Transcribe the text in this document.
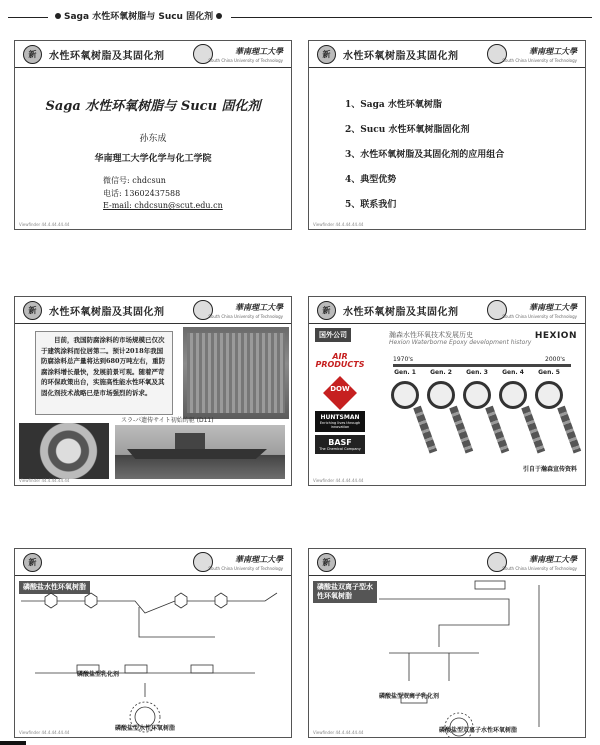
Saga 水性环氧树脂与 Sucu 固化剂
新	水性环氧树脂及其固化剂	華南理工大學
South China University of Technology
Saga 水性环氧树脂与 Sucu 固化剂
孙东成
华南理工大学化学与化工学院
微信号: chdcsun
电话: 13602437588
E-mail: chdcsun@scut.edu.cn
Viewfinder 44.4.44.44.44
新	水性环氧树脂及其固化剂	華南理工大學
South China University of Technology
1、Saga 水性环氧树脂
2、Sucu 水性环氧树脂固化剂
3、水性环氧树脂及其固化剂的应用组合
4、典型优势
5、联系我们
Viewfinder 44.4.44.44.44
新	水性环氧树脂及其固化剂	華南理工大學
South China University of Technology
目前，我国防腐涂料的市场规模已仅次于建筑涂料而位居第二。预计2018年我国防腐涂料总产量将达到680万吨左右，重防腐涂料增长最快，发展前景可观。随着严苛的环保政策出台，实施高性能水性环氧及其固化剂技术战略已是市场强烈的诉求。
スラ-パ遗传サイト初始的驱 (D11)
Viewfinder 44.4.44.44.44
新	水性环氧树脂及其固化剂	華南理工大學
South China University of Technology
国外公司	瀚森水性环氧技术发展历史
Hexion Waterborne Epoxy development history
HEXION
AIR PRODUCTS
DOW
HUNTSMAN
Enriching lives through innovation
BASF
The Chemical Company
1970's	2000's
Gen. 1	Gen. 2	Gen. 3	Gen. 4	Gen. 5
引自于瀚森宣传资料
Viewfinder 44.4.44.44.44
新	華南理工大學
South China University of Technology
磷酸盐水性环氧树脂
磷酸盐型乳化剂
磷酸盐型水性环氧树脂
Viewfinder 44.4.44.44.44
新	華南理工大學
South China University of Technology
磷酸盐双离子型水性环氧树脂
磷酸盐型双离子乳化剂
磷酸盐型双离子水性环氧树脂
Viewfinder 44.4.44.44.44
